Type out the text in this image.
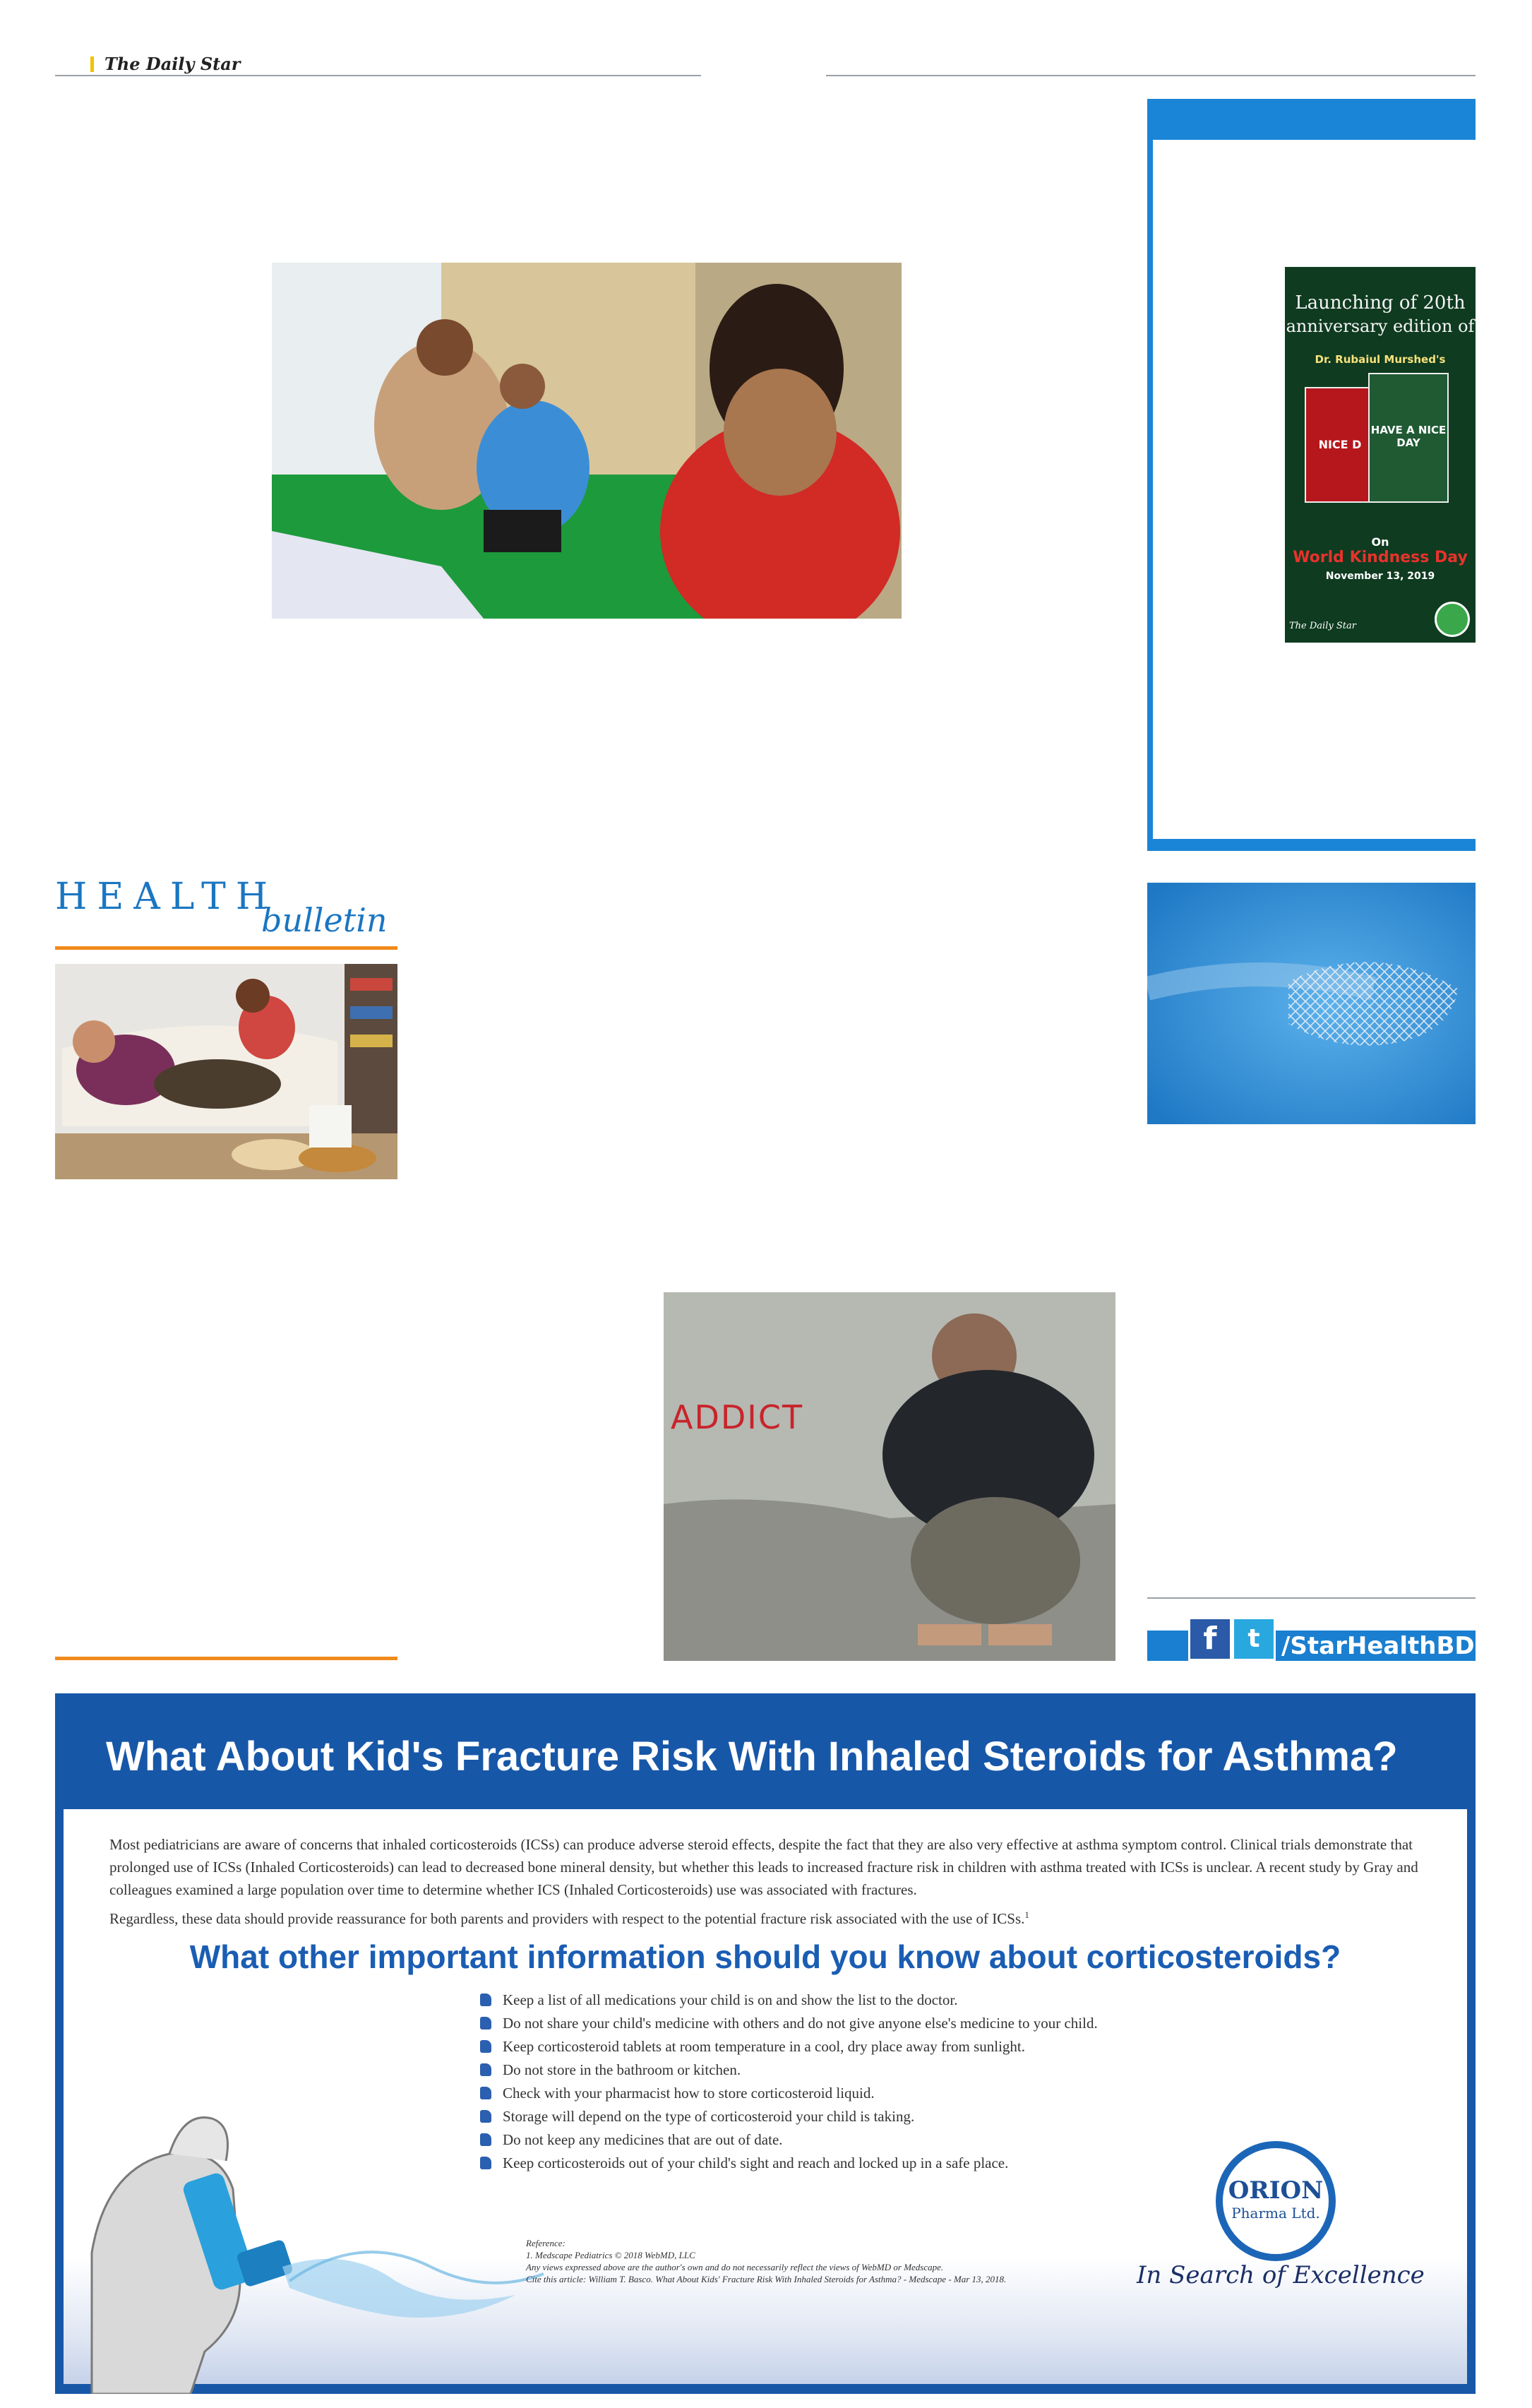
The Daily Star
Launching of 20th
anniversary edition of
Dr. Rubaiul Murshed's
NICE D
HAVE A NICE DAY
On
World Kindness Day
November 13, 2019
The Daily Star
HEALTH
bulletin
ADDICT
f	t /StarHealthBD
What About Kid's Fracture Risk With Inhaled Steroids for Asthma?
Most pediatricians are aware of concerns that inhaled corticosteroids (ICSs) can produce adverse steroid effects, despite the fact that they are also very effective at asthma symptom control. Clinical trials demonstrate that prolonged use of ICSs (Inhaled Corticosteroids) can lead to decreased bone mineral density, but whether this leads to increased fracture risk in children with asthma treated with ICSs is unclear. A recent study by Gray and colleagues examined a large population over time to determine whether ICS (Inhaled Corticosteroids) use was associated with fractures.
Regardless, these data should provide reassurance for both parents and providers with respect to the potential fracture risk associated with the use of ICSs.$^1$
What other important information should you know about corticosteroids?
Keep a list of all medications your child is on and show the list to the doctor.
Do not share your child's medicine with others and do not give anyone else's medicine to your child.
Keep corticosteroid tablets at room temperature in a cool, dry place away from sunlight.
Do not store in the bathroom or kitchen.
Check with your pharmacist how to store corticosteroid liquid.
Storage will depend on the type of corticosteroid your child is taking.
Do not keep any medicines that are out of date.
Keep corticosteroids out of your child's sight and reach and locked up in a safe place.
Reference:
1. Medscape Pediatrics © 2018 WebMD, LLC
Any views expressed above are the author's own and do not necessarily reflect the views of WebMD or Medscape.
Cite this article: William T. Basco. What About Kids' Fracture Risk With Inhaled Steroids for Asthma? - Medscape - Mar 13, 2018.
ORION
Pharma Ltd.
In Search of Excellence
